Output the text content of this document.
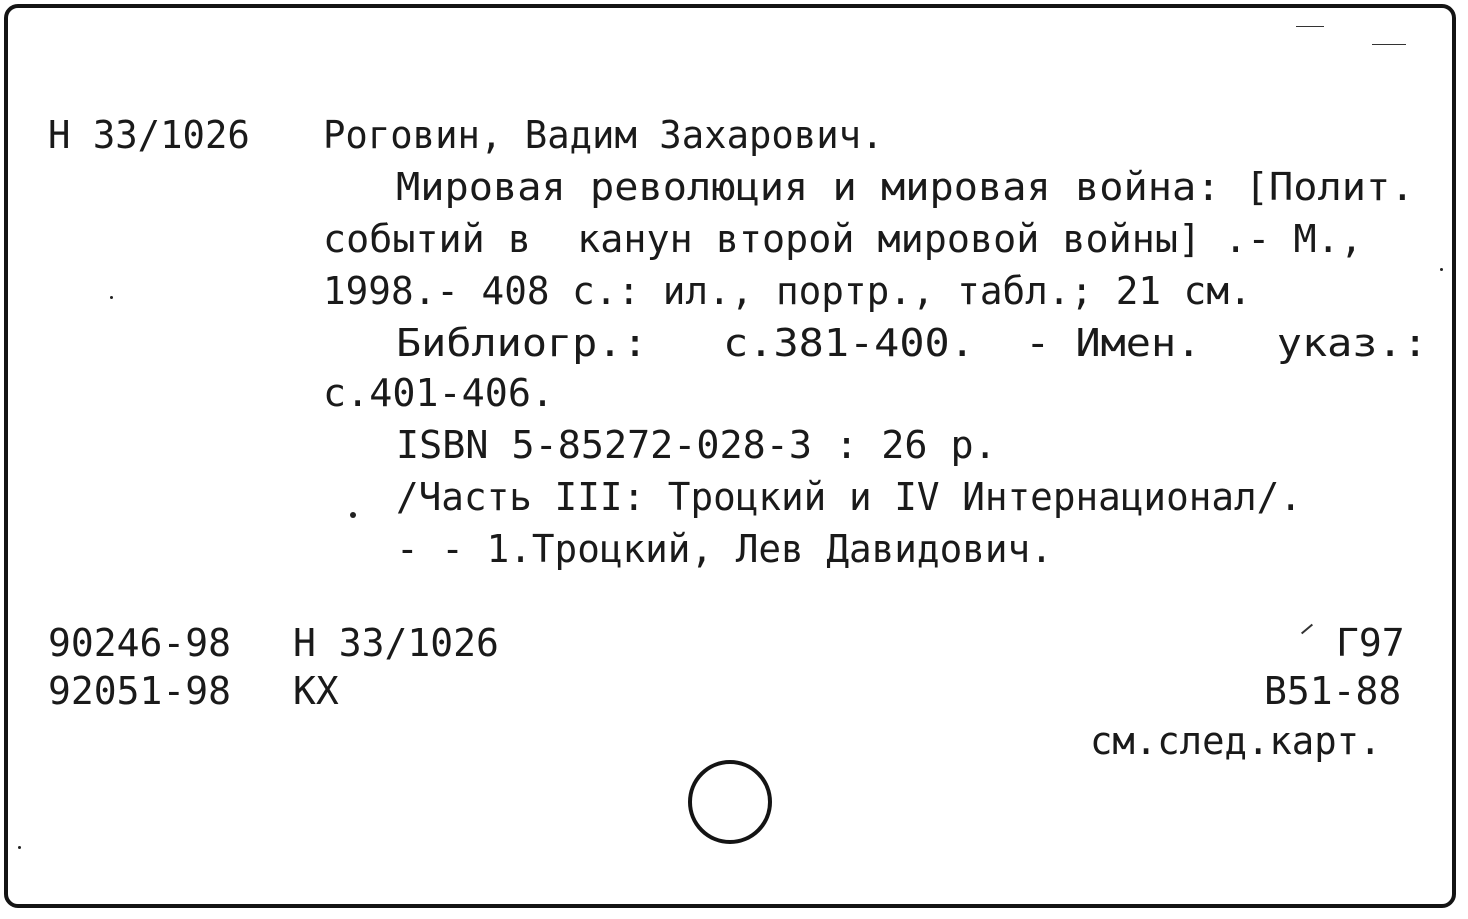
Н 33/1026 Роговин, Вадим Захарович.
Мировая революция и мировая война: [Полит.
событий в  канун второй мировой войны] .- М.,
1998.- 408 с.: ил., портр., табл.; 21 см.
Библиогр.:   с.381-400.  - Имен.   указ.:
с.401-406.
ISBN 5-85272-028-3 : 26 р.
/Часть III: Троцкий и IV Интернационал/.
- - 1.Троцкий, Лев Давидович.
90246-98 Н 33/1026
92051-98 КХ
Г97
В51-88
см.след.карт.
